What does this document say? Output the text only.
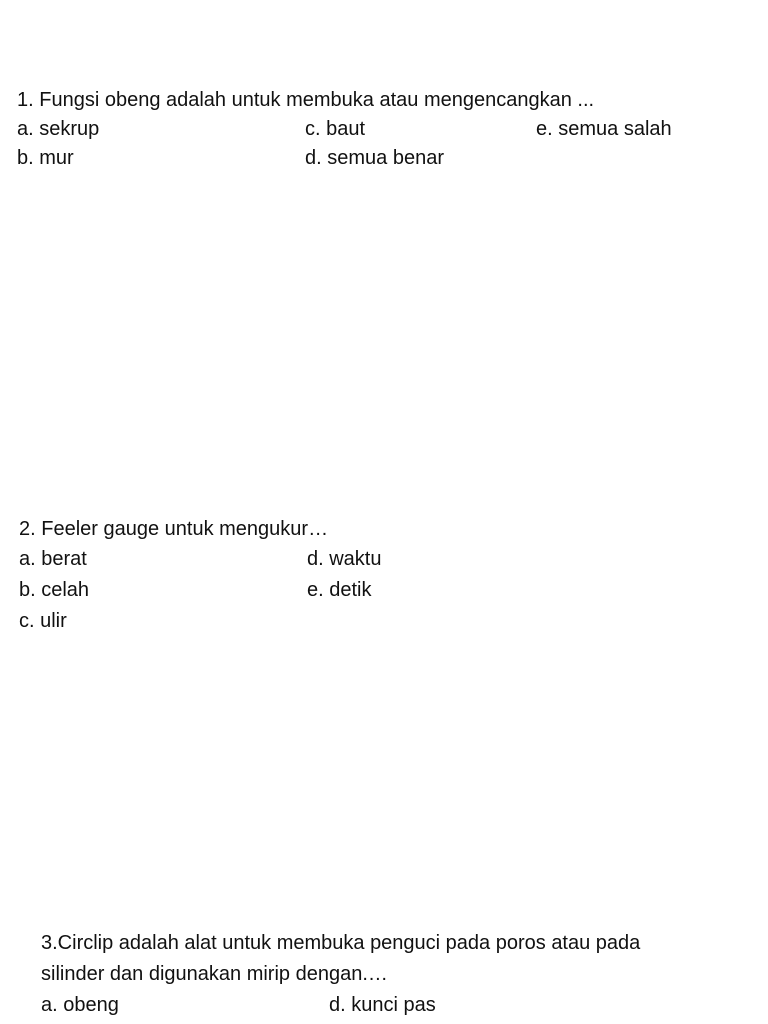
1. Fungsi obeng adalah untuk membuka atau mengencangkan ...
a. sekrup	c. baut	e. semua salah
b. mur	d. semua benar
2. Feeler gauge untuk mengukur…
a. berat	d. waktu
b. celah	e. detik
c. ulir
3.Circlip adalah alat untuk membuka penguci pada poros atau pada
silinder dan digunakan mirip dengan.…
a. obeng	d. kunci pas
